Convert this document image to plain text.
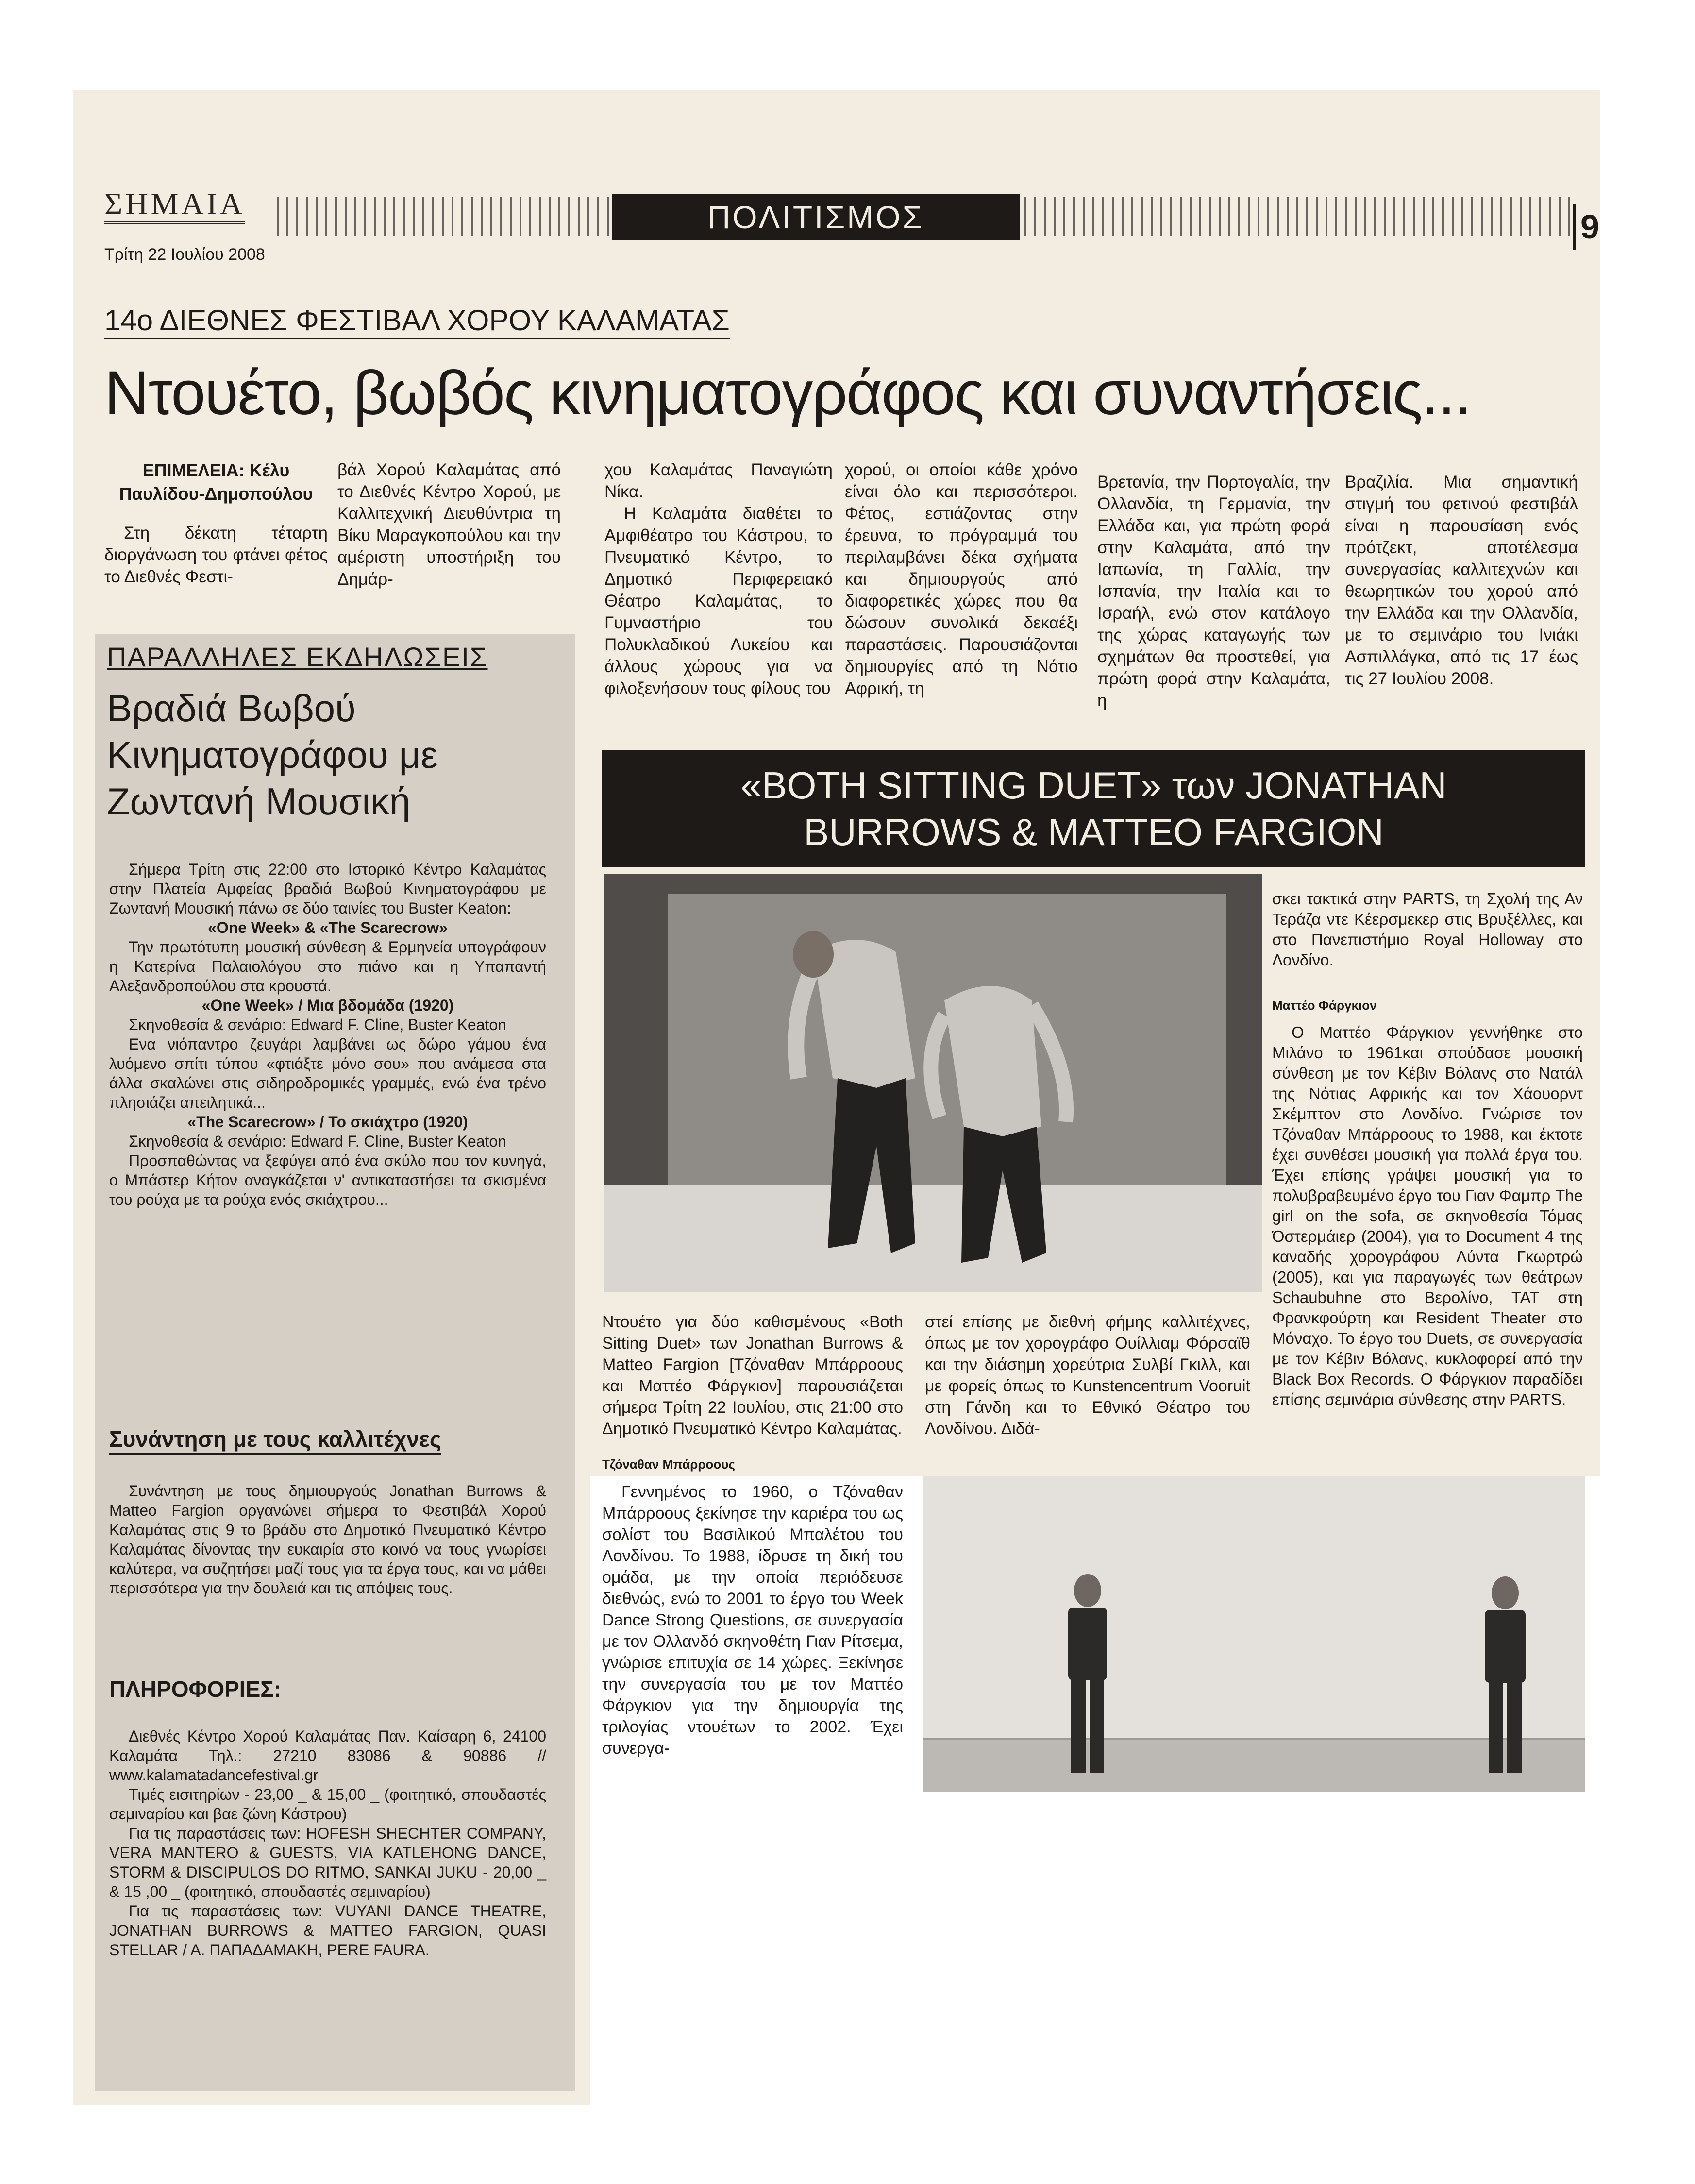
ΣΗΜΑΙΑ
Τρίτη 22 Ιουλίου 2008
ΠΟΛΙΤΙΣΜΟΣ	9
14ο ΔΙΕΘΝΕΣ ΦΕΣΤΙΒΑΛ ΧΟΡΟΥ ΚΑΛΑΜΑΤΑΣ
Ντουέτο, βωβός κινηματογράφος και συναντήσεις...
ΕΠΙΜΕΛΕΙΑ: Κέλυ Παυλίδου-Δημοπούλου

Στη δέκατη τέταρτη διοργάνωση του φτάνει φέτος το Διεθνές Φεστι-

βάλ Χορού Καλαμάτας από το Διεθνές Κέντρο Χορού, με Καλλιτεχνική Διευθύντρια τη Βίκυ Μαραγκοπούλου και την αμέριστη υποστήριξη του Δημάρ-

χου Καλαμάτας Παναγιώτη Νίκα.

Η Καλαμάτα διαθέτει το Αμφιθέατρο του Κάστρου, το Πνευματικό Κέντρο, το Δημοτικό Περιφερειακό Θέατρο Καλαμάτας, το Γυμναστήριο του Πολυκλαδικού Λυκείου και άλλους χώρους για να φιλοξενήσουν τους φίλους του

χορού, οι οποίοι κάθε χρόνο είναι όλο και περισσότεροι. Φέτος, εστιάζοντας στην έρευνα, το πρόγραμμά του περιλαμβάνει δέκα σχήματα και δημιουργούς από διαφορετικές χώρες που θα δώσουν συνολικά δεκαέξι παραστάσεις. Παρουσιάζονται δημιουργίες από τη Νότιο Αφρική, τη

Βρετανία, την Πορτογαλία, την Ολλανδία, τη Γερμανία, την Ελλάδα και, για πρώτη φορά στην Καλαμάτα, από την Ιαπωνία, τη Γαλλία, την Ισπανία, την Ιταλία και το Ισραήλ, ενώ στον κατάλογο της χώρας καταγωγής των σχημάτων θα προστεθεί, για πρώτη φορά στην Καλαμάτα, η

Βραζιλία. Μια σημαντική στιγμή του φετινού φεστιβάλ είναι η παρουσίαση ενός πρότζεκτ, αποτέλεσμα συνεργασίας καλλιτεχνών και θεωρητικών του χορού από την Ελλάδα και την Ολλανδία, με το σεμινάριο του Ινιάκι Ασπιλλάγκα, από τις 17 έως τις 27 Ιουλίου 2008.

ΠΑΡΑΛΛΗΛΕΣ ΕΚΔΗΛΩΣΕΙΣ
Βραδιά Βωβού Κινηματογράφου με Ζωντανή Μουσική

Σήμερα Τρίτη στις 22:00 στο Ιστορικό Κέντρο Καλαμάτας στην Πλατεία Αμφείας βραδιά Βωβού Κινηματογράφου με Ζωντανή Μουσική πάνω σε δύο ταινίες του Buster Keaton:

«One Week» & «The Scarecrow»

Την πρωτότυπη μουσική σύνθεση & Ερμηνεία υπογράφουν η Κατερίνα Παλαιολόγου στο πιάνο και η Υπαπαντή Αλεξανδροπούλου στα κρουστά.

«One Week» / Μια βδομάδα (1920)

Σκηνοθεσία & σενάριο: Edward F. Cline, Buster Keaton

Ενα νιόπαντρο ζευγάρι λαμβάνει ως δώρο γάμου ένα λυόμενο σπίτι τύπου «φτιάξτε μόνο σου» που ανάμεσα στα άλλα σκαλώνει στις σιδηροδρομικές γραμμές, ενώ ένα τρένο πλησιάζει απειλητικά...

«The Scarecrow» / Το σκιάχτρο (1920)

Σκηνοθεσία & σενάριο: Edward F. Cline, Buster Keaton

Προσπαθώντας να ξεφύγει από ένα σκύλο που τον κυνηγά, ο Μπάστερ Κήτον αναγκάζεται ν' αντικαταστήσει τα σκισμένα του ρούχα με τα ρούχα ενός σκιάχτρου...

Συνάντηση με τους καλλιτέχνες

Συνάντηση με τους δημιουργούς Jonathan Burrows & Matteo Fargion οργανώνει σήμερα το Φεστιβάλ Χορού Καλαμάτας στις 9 το βράδυ στο Δημοτικό Πνευματικό Κέντρο Καλαμάτας δίνοντας την ευκαιρία στο κοινό να τους γνωρίσει καλύτερα, να συζητήσει μαζί τους για τα έργα τους, και να μάθει περισσότερα για την δουλειά και τις απόψεις τους.

ΠΛΗΡΟΦΟΡΙΕΣ:

Διεθνές Κέντρο Χορού Καλαμάτας Παν. Καίσαρη 6, 24100 Καλαμάτα Τηλ.: 27210 83086 & 90886 // www.kalamatadancefestival.gr

Τιμές εισιτηρίων - 23,00 _ & 15,00 _ (φοιτητικό, σπουδαστές σεμιναρίου και βαε ζώνη Κάστρου)

Για τις παραστάσεις των: HOFESH SHECHTER COMPANY, VERA MANTERO & GUESTS, VIA KATLEHONG DANCE, STORM & DISCIPULOS DO RITMO, SANKAI JUKU - 20,00 _ & 15 ,00 _ (φοιτητικό, σπουδαστές σεμιναρίου)

Για τις παραστάσεις των: VUYANI DANCE THEATRE, JONATHAN BURROWS & MATTEO FARGION, QUASI STELLAR / A. ΠΑΠΑΔΑΜΑΚΗ, PERE FAURA.

«BOTH SITTING DUET» των JONATHAN
BURROWS & MATTEO FARGION
Ντουέτο για δύο καθισμένους «Both Sitting Duet» των Jonathan Burrows & Matteo Fargion [Τζόναθαν Μπάρροους και Ματτέο Φάργκιον] παρουσιάζεται σήμερα Τρίτη 22 Ιουλίου, στις 21:00 στο Δημοτικό Πνευματικό Κέντρο Καλαμάτας.
Τζόναθαν Μπάρροους

Γεννημένος το 1960, ο Τζόναθαν Μπάρροους ξεκίνησε την καριέρα του ως σολίστ του Βασιλικού Μπαλέτου του Λονδίνου. Το 1988, ίδρυσε τη δική του ομάδα, με την οποία περιόδευσε διεθνώς, ενώ το 2001 το έργο του Week Dance Strong Questions, σε συνεργασία με τον Ολλανδό σκηνοθέτη Γιαν Ρίτσεμα, γνώρισε επιτυχία σε 14 χώρες. Ξεκίνησε την συνεργασία του με τον Ματτέο Φάργκιον για την δημιουργία της τριλογίας ντουέτων το 2002. Έχει συνεργα-

στεί επίσης με διεθνή φήμης καλλιτέχνες, όπως με τον χορογράφο Ουίλλιαμ Φόρσαϊθ και την διάσημη χορεύτρια Συλβί Γκιλλ, και με φορείς όπως το Kunstencentrum Vooruit στη Γάνδη και το Εθνικό Θέατρο του Λονδίνου. Διδά-

σκει τακτικά στην PARTS, τη Σχολή της Αν Τεράζα ντε Κέερσμεκερ στις Βρυξέλλες, και στο Πανεπιστήμιο Royal Holloway στο Λονδίνο.

Ματτέο Φάργκιον

Ο Ματτέο Φάργκιον γεννήθηκε στο Μιλάνο το 1961και σπούδασε μουσική σύνθεση με τον Κέβιν Βόλανς στο Νατάλ της Νότιας Αφρικής και τον Χάουορντ Σκέμπτον στο Λονδίνο. Γνώρισε τον Τζόναθαν Μπάρροους το 1988, και έκτοτε έχει συνθέσει μουσική για πολλά έργα του. Έχει επίσης γράψει μουσική για το πολυβραβευμένο έργο του Γιαν Φαμπρ The girl on the sofa, σε σκηνοθεσία Τόμας Όστερμάιερ (2004), για το Document 4 της καναδής χορογράφου Λύντα Γκωρτρώ (2005), και για παραγωγές των θεάτρων Schaubuhne στο Βερολίνο, TAT στη Φρανκφούρτη και Resident Theater στο Μόναχο. Το έργο του Duets, σε συνεργασία με τον Κέβιν Βόλανς, κυκλοφορεί από την Black Box Records. Ο Φάργκιον παραδίδει επίσης σεμινάρια σύνθεσης στην PARTS.
